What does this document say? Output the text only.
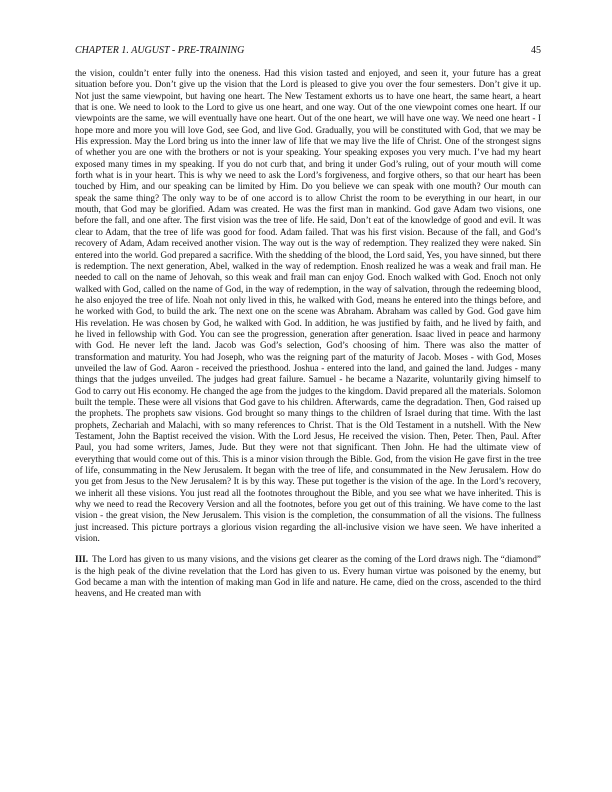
CHAPTER 1. AUGUST - PRE-TRAINING	45

the vision, couldn’t enter fully into the oneness. Had this vision tasted and enjoyed, and seen it, your future has a great situation before you. Don’t give up the vision that the Lord is pleased to give you over the four semesters. Don’t give it up. Not just the same viewpoint, but having one heart. The New Testament exhorts us to have one heart, the same heart, a heart that is one. We need to look to the Lord to give us one heart, and one way. Out of the one viewpoint comes one heart. If our viewpoints are the same, we will eventually have one heart. Out of the one heart, we will have one way. We need one heart - I hope more and more you will love God, see God, and live God. Gradually, you will be constituted with God, that we may be His expression. May the Lord bring us into the inner law of life that we may live the life of Christ. One of the strongest signs of whether you are one with the brothers or not is your speaking. Your speaking exposes you very much. I’ve had my heart exposed many times in my speaking. If you do not curb that, and bring it under God’s ruling, out of your mouth will come forth what is in your heart. This is why we need to ask the Lord’s forgiveness, and forgive others, so that our heart has been touched by Him, and our speaking can be limited by Him. Do you believe we can speak with one mouth? Our mouth can speak the same thing? The only way to be of one accord is to allow Christ the room to be everything in our heart, in our mouth, that God may be glorified. Adam was created. He was the first man in mankind. God gave Adam two visions, one before the fall, and one after. The first vision was the tree of life. He said, Don’t eat of the knowledge of good and evil. It was clear to Adam, that the tree of life was good for food. Adam failed. That was his first vision. Because of the fall, and God’s recovery of Adam, Adam received another vision. The way out is the way of redemption. They realized they were naked. Sin entered into the world. God prepared a sacrifice. With the shedding of the blood, the Lord said, Yes, you have sinned, but there is redemption. The next generation, Abel, walked in the way of redemption. Enosh realized he was a weak and frail man. He needed to call on the name of Jehovah, so this weak and frail man can enjoy God. Enoch walked with God. Enoch not only walked with God, called on the name of God, in the way of redemption, in the way of salvation, through the redeeming blood, he also enjoyed the tree of life. Noah not only lived in this, he walked with God, means he entered into the things before, and he worked with God, to build the ark. The next one on the scene was Abraham. Abraham was called by God. God gave him His revelation. He was chosen by God, he walked with God. In addition, he was justified by faith, and he lived by faith, and he lived in fellowship with God. You can see the progression, generation after generation. Isaac lived in peace and harmony with God. He never left the land. Jacob was God’s selection, God’s choosing of him. There was also the matter of transformation and maturity. You had Joseph, who was the reigning part of the maturity of Jacob. Moses - with God, Moses unveiled the law of God. Aaron - received the priesthood. Joshua - entered into the land, and gained the land. Judges - many things that the judges unveiled. The judges had great failure. Samuel - he became a Nazarite, voluntarily giving himself to God to carry out His economy. He changed the age from the judges to the kingdom. David prepared all the materials. Solomon built the temple. These were all visions that God gave to his children. Afterwards, came the degradation. Then, God raised up the prophets. The prophets saw visions. God brought so many things to the children of Israel during that time. With the last prophets, Zechariah and Malachi, with so many references to Christ. That is the Old Testament in a nutshell. With the New Testament, John the Baptist received the vision. With the Lord Jesus, He received the vision. Then, Peter. Then, Paul. After Paul, you had some writers, James, Jude. But they were not that significant. Then John. He had the ultimate view of everything that would come out of this. This is a minor vision through the Bible. God, from the vision He gave first in the tree of life, consummating in the New Jerusalem. It began with the tree of life, and consummated in the New Jerusalem. How do you get from Jesus to the New Jerusalem? It is by this way. These put together is the vision of the age. In the Lord’s recovery, we inherit all these visions. You just read all the footnotes throughout the Bible, and you see what we have inherited. This is why we need to read the Recovery Version and all the footnotes, before you get out of this training. We have come to the last vision - the great vision, the New Jerusalem. This vision is the completion, the consummation of all the visions. The fullness just increased. This picture portrays a glorious vision regarding the all-inclusive vision we have seen. We have inherited a vision.

III. The Lord has given to us many visions, and the visions get clearer as the coming of the Lord draws nigh. The “diamond” is the high peak of the divine revelation that the Lord has given to us. Every human virtue was poisoned by the enemy, but God became a man with the intention of making man God in life and nature. He came, died on the cross, ascended to the third heavens, and He created man with
